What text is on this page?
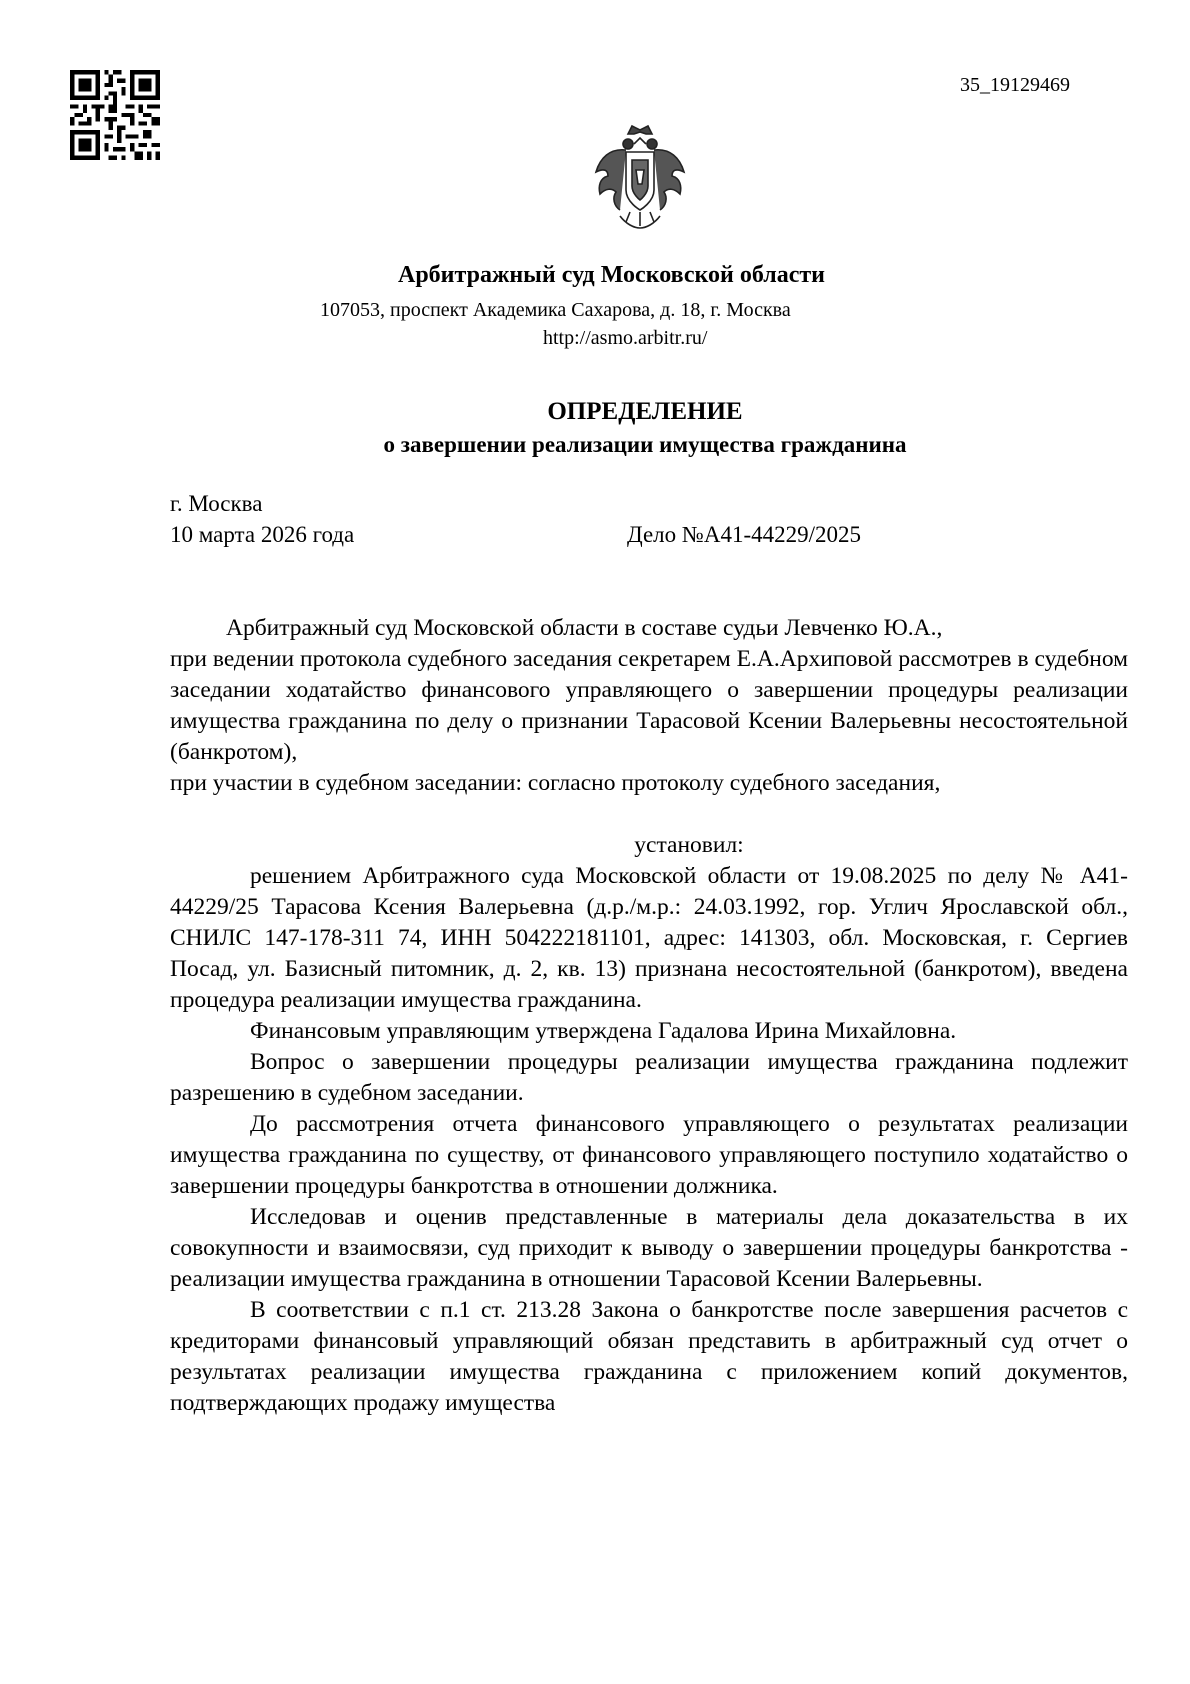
35_19129469
Арбитражный суд Московской области
107053, проспект Академика Сахарова, д. 18, г. Москва
http://asmo.arbitr.ru/
ОПРЕДЕЛЕНИЕ
о завершении реализации имущества гражданина
г. Москва
10 марта 2026 года	Дело №А41-44229/2025

Арбитражный суд Московской области в составе судьи Левченко Ю.А.,

при ведении протокола судебного заседания секретарем Е.А.Архиповой рассмотрев в судебном заседании ходатайство финансового управляющего о завершении процедуры реализации имущества гражданина по делу о признании Тарасовой Ксении Валерьевны несостоятельной (банкротом),

при участии в судебном заседании: согласно протоколу судебного заседания,

установил:

решением Арбитражного суда Московской области от 19.08.2025 по делу № А41-44229/25 Тарасова Ксения Валерьевна (д.р./м.р.: 24.03.1992, гор. Углич Ярославской обл., СНИЛС 147-178-311 74, ИНН 504222181101, адрес: 141303, обл. Московская, г. Сергиев Посад, ул. Базисный питомник, д. 2, кв. 13) признана несостоятельной (банкротом), введена процедура реализации имущества гражданина.

Финансовым управляющим утверждена Гадалова Ирина Михайловна.

Вопрос о завершении процедуры реализации имущества гражданина подлежит разрешению в судебном заседании.

До рассмотрения отчета финансового управляющего о результатах реализации имущества гражданина по существу, от финансового управляющего поступило ходатайство о завершении процедуры банкротства в отношении должника.

Исследовав и оценив представленные в материалы дела доказательства в их совокупности и взаимосвязи, суд приходит к выводу о завершении процедуры банкротства - реализации имущества гражданина в отношении Тарасовой Ксении Валерьевны.

В соответствии с п.1 ст. 213.28 Закона о банкротстве после завершения расчетов с кредиторами финансовый управляющий обязан представить в арбитражный суд отчет о результатах реализации имущества гражданина с приложением копий документов, подтверждающих продажу имущества
